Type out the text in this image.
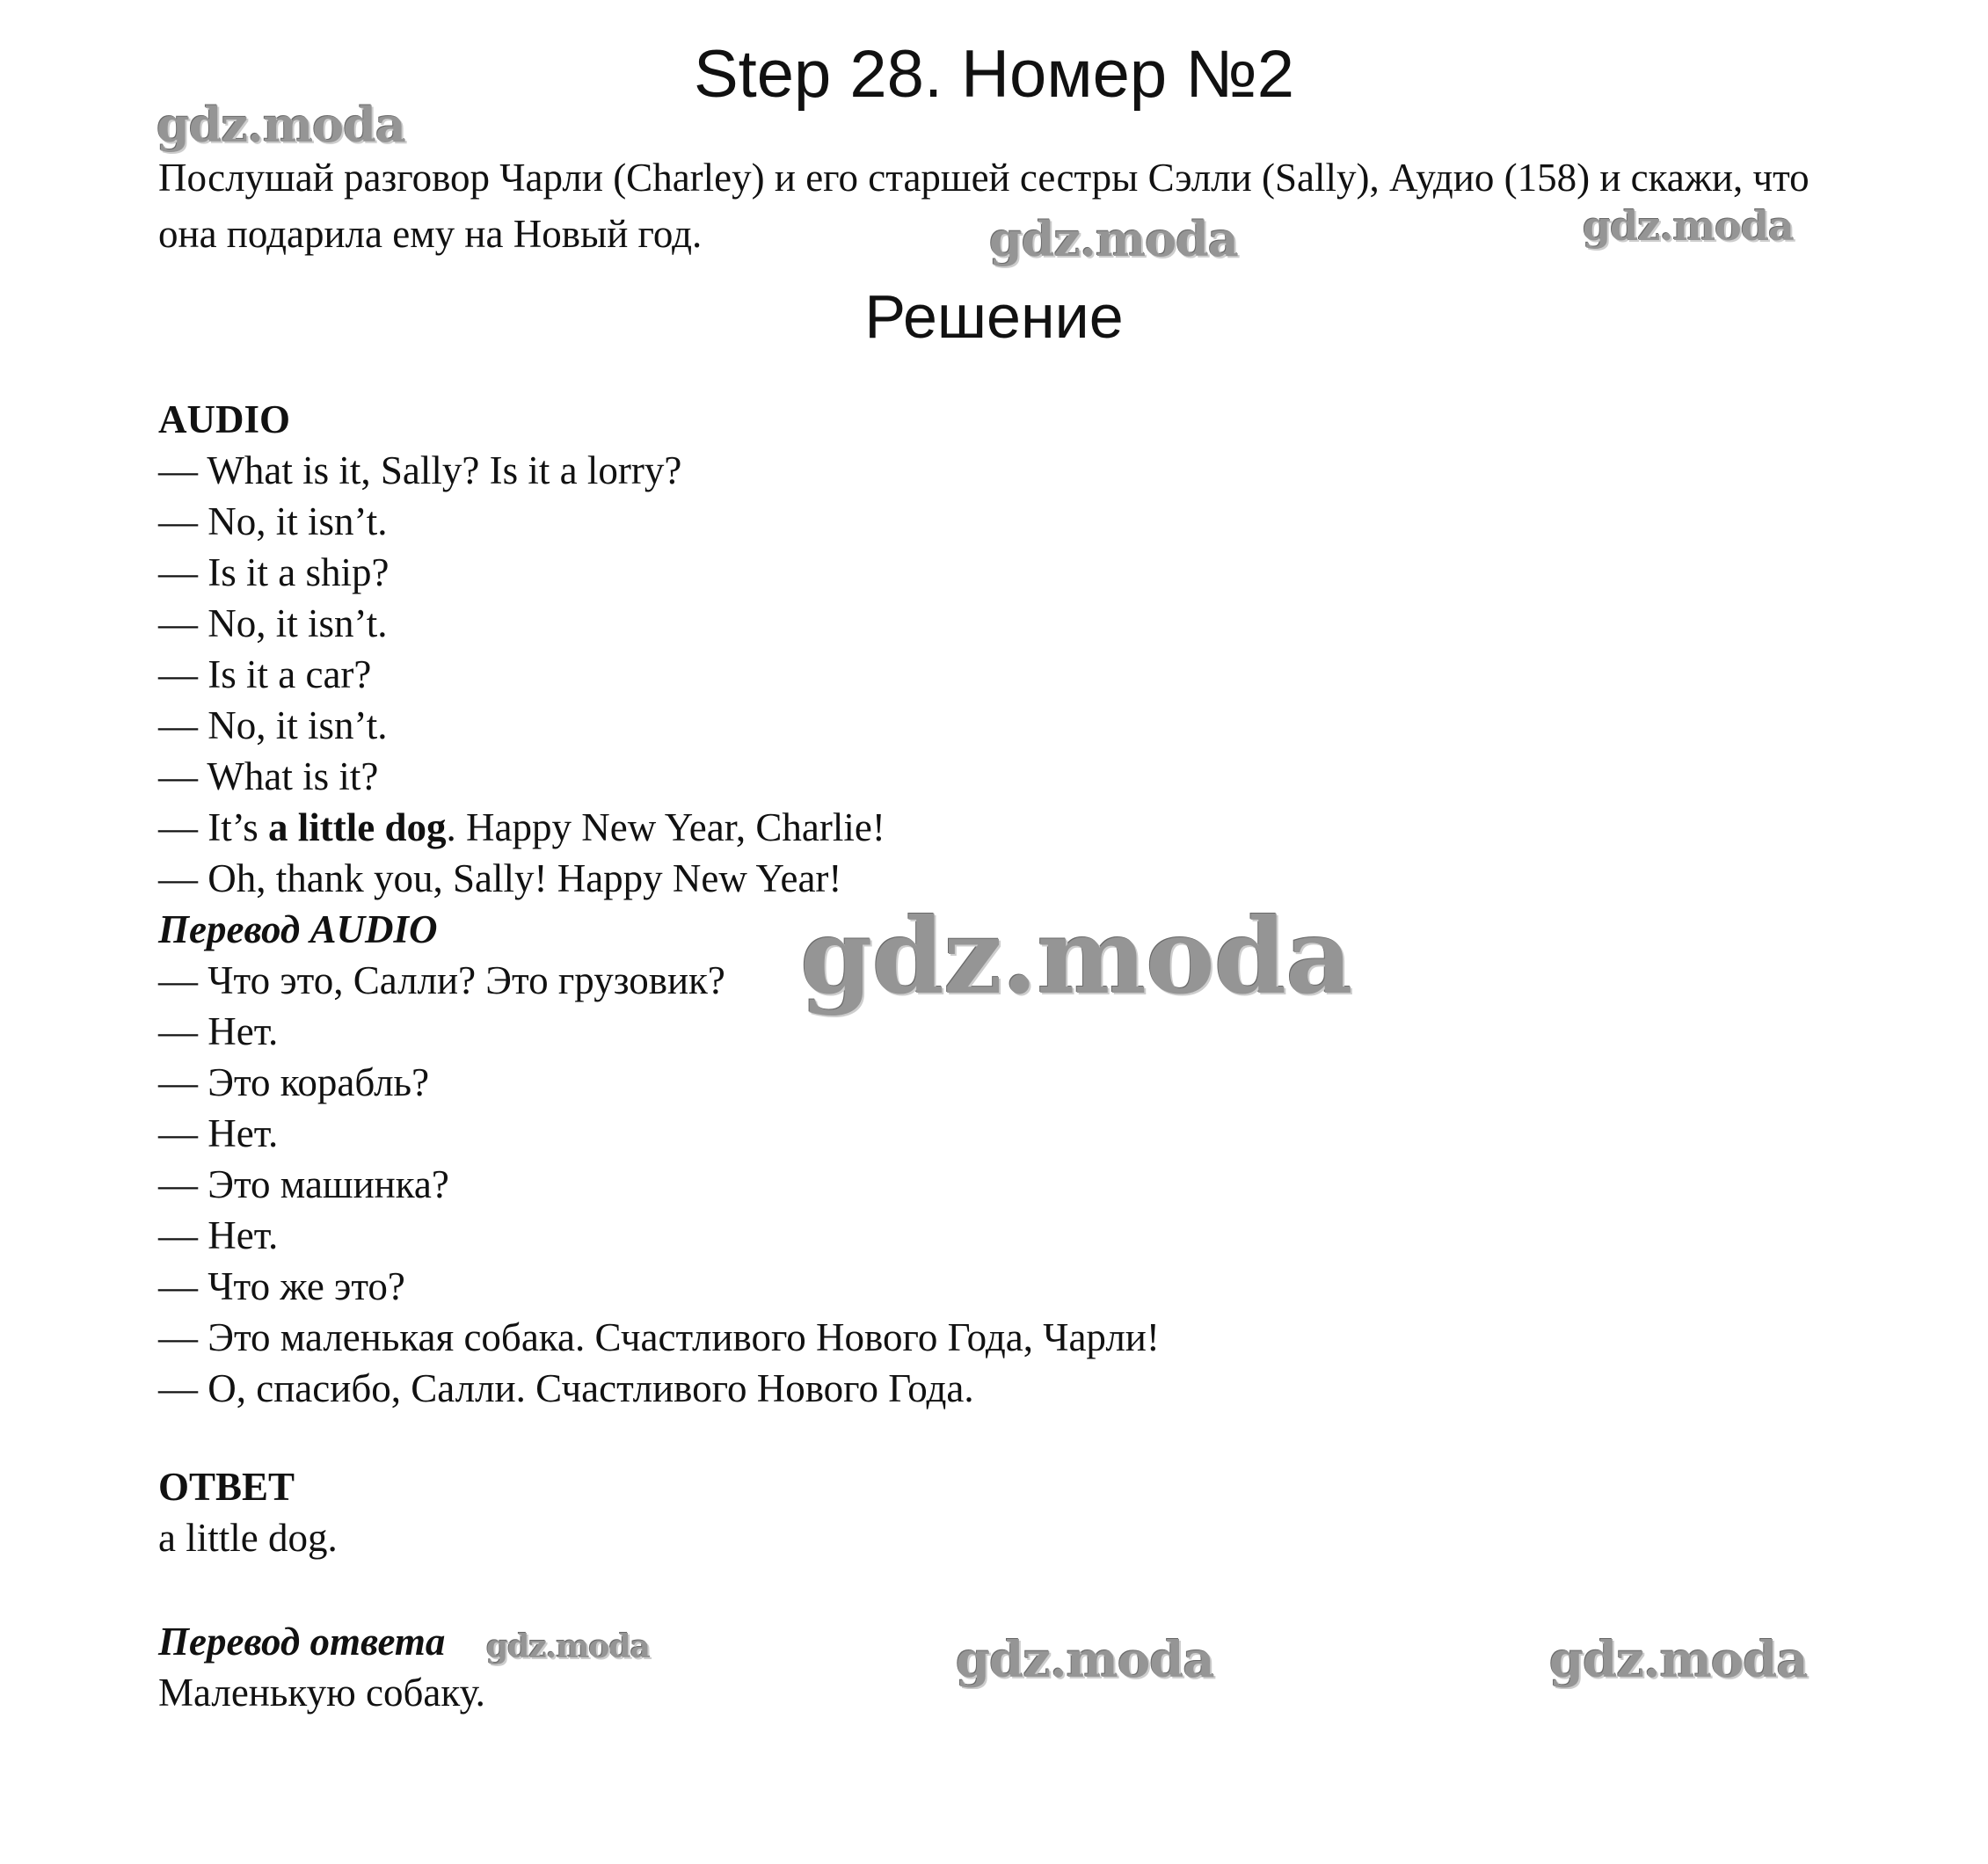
Step 28. Номер №2
Послушай разговор Чарли (Charley) и его старшей сестры Сэлли (Sally), Аудио (158) и скажи, что она подарила ему на Новый год.
Решение
AUDIO
— What is it, Sally? Is it a lorry?
— No, it isn’t.
— Is it a ship?
— No, it isn’t.
— Is it a car?
— No, it isn’t.
— What is it?
— It’s a little dog. Happy New Year, Charlie!
— Oh, thank you, Sally! Happy New Year!
Перевод AUDIO
— Что это, Салли? Это грузовик?
— Нет.
— Это корабль?
— Нет.
— Это машинка?
— Нет.
— Что же это?
— Это маленькая собака. Счастливого Нового Года, Чарли!
— О, спасибо, Салли. Счастливого Нового Года.
ОТВЕТ
a little dog.
Перевод ответа
Маленькую собаку.
gdz.moda
gdz.moda	gdz.moda
gdz.moda
gdz.moda	gdz.moda	gdz.moda
